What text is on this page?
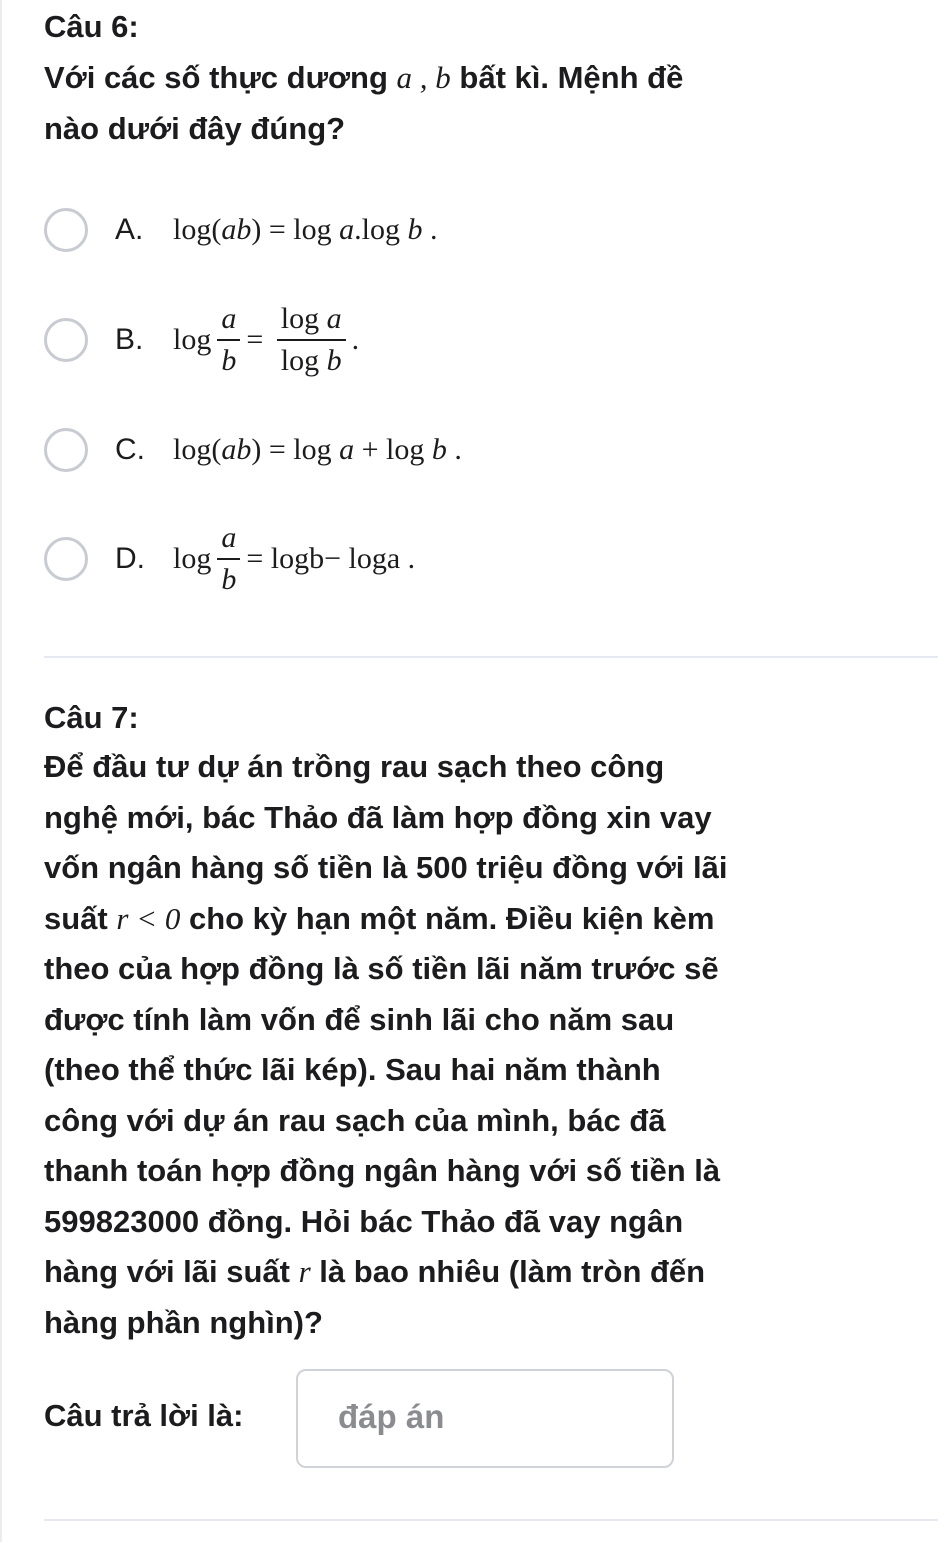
Câu 6:
Với các số thực dương a , b bất kì. Mệnh đề
nào dưới đây đúng?
A. log ( ab ) = log a . log b .
B. $\log \frac{a}{b} = \frac{\text{log a}}{\text{log b}}$ .
C. log ( ab ) = log a + log b .
D. $\log \frac{a}{b} = \log b- \log a$ .
Câu 7:
Để đầu tư dự án trồng rau sạch theo công
nghệ mới, bác Thảo đã làm hợp đồng xin vay
vốn ngân hàng số tiền là 500 triệu đồng với lãi
suất r < 0 cho kỳ hạn một năm. Điều kiện kèm
theo của hợp đồng là số tiền lãi năm trước sẽ
được tính làm vốn để sinh lãi cho năm sau
(theo thể thức lãi kép). Sau hai năm thành
công với dự án rau sạch của mình, bác đã
thanh toán hợp đồng ngân hàng với số tiền là
599823000 đồng. Hỏi bác Thảo đã vay ngân
hàng với lãi suất r là bao nhiêu (làm tròn đến
hàng phần nghìn)?
Câu trả lời là:
đáp án
